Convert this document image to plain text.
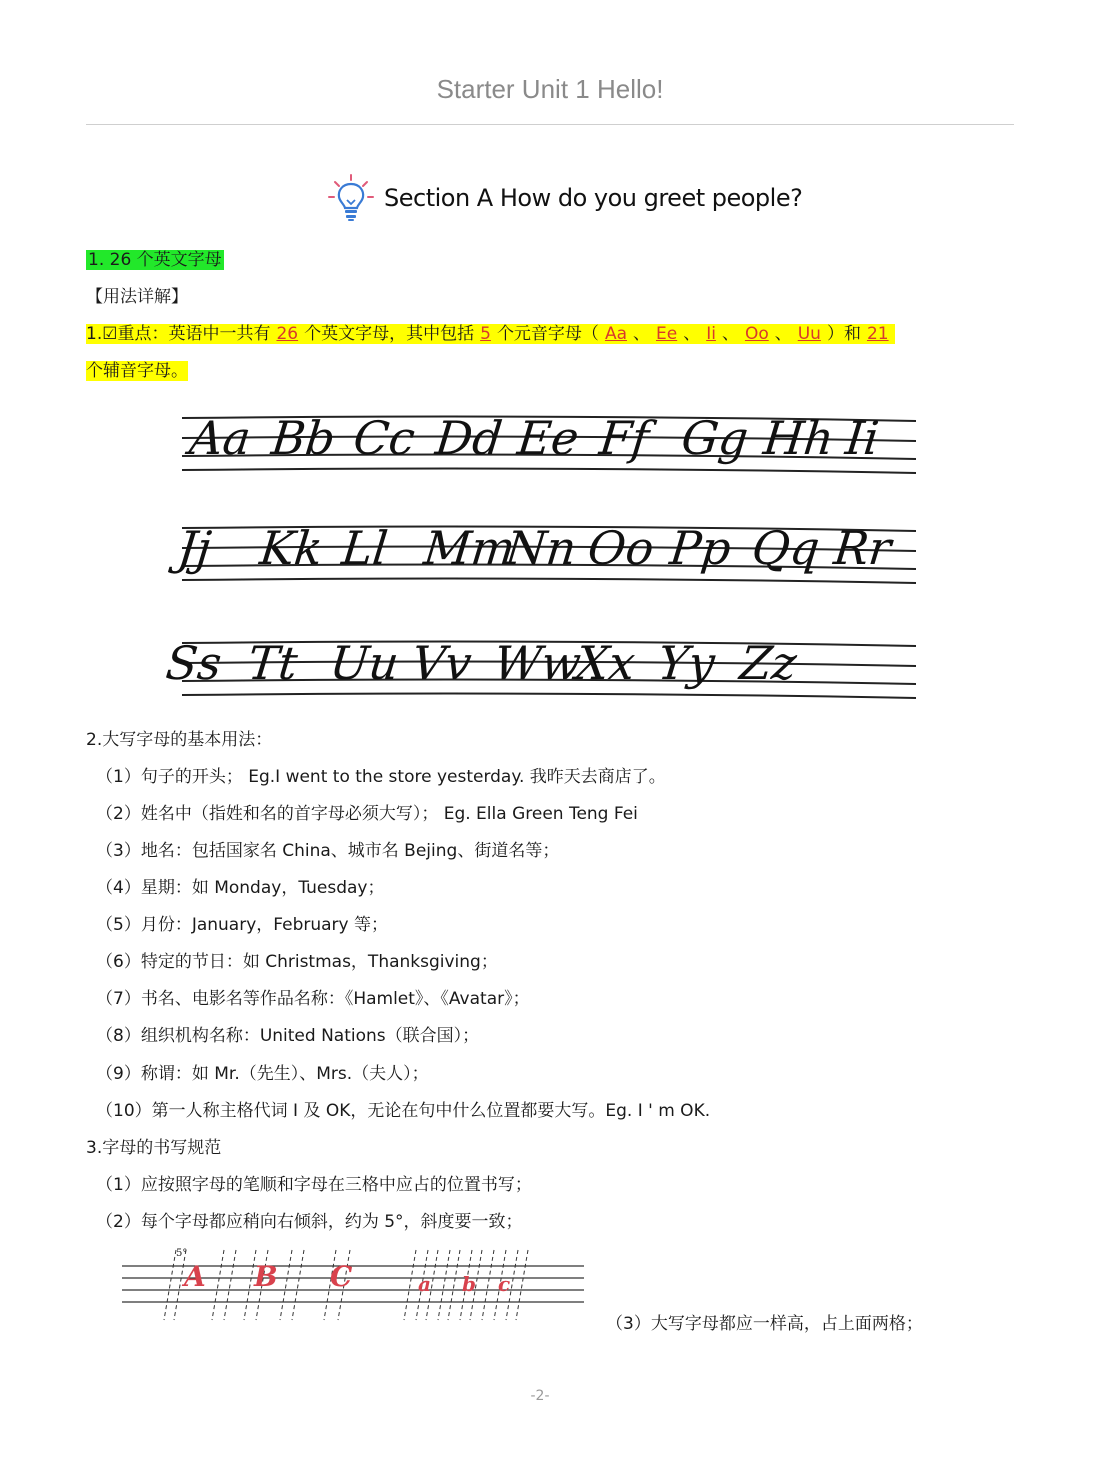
Starter Unit 1 Hello!
Section A How do you greet people?
1. 26 个英文字母
【用法详解】
1.☑重点：英语中一共有 26 个英文字母，其中包括 5 个元音字母（ Aa 、 Ee 、 Ii 、 Oo 、 Uu ）和 21
个辅音字母。
Aa Bb Cc Dd Ee Ff Gg Hh Ii
Jj Kk Ll Mm
Nn Oo Pp Qq Rr
Ss Tt Uu Vv Ww
Xx Yy Zz
2.大写字母的基本用法：
（1）句子的开头； Eg.I went to the store yesterday. 我昨天去商店了。
（2）姓名中（指姓和名的首字母必须大写）； Eg. Ella Green Teng Fei
（3）地名：包括国家名 China、城市名 Bejing、街道名等；
（4）星期：如 Monday，Tuesday；
（5）月份：January，February 等；
（6）特定的节日：如 Christmas，Thanksgiving；
（7）书名、电影名等作品名称：《Hamlet》、《Avatar》；
（8）组织机构名称：United Nations（联合国）；
（9）称谓：如 Mr.（先生）、Mrs.（夫人）；
（10）第一人称主格代词 I 及 OK，无论在句中什么位置都要大写。Eg. I ' m OK.
3.字母的书写规范
（1）应按照字母的笔顺和字母在三格中应占的位置书写；
（2）每个字母都应稍向右倾斜，约为 5°，斜度要一致；
5°
A B C	a b c
（3）大写字母都应一样高，占上面两格；
-2-
